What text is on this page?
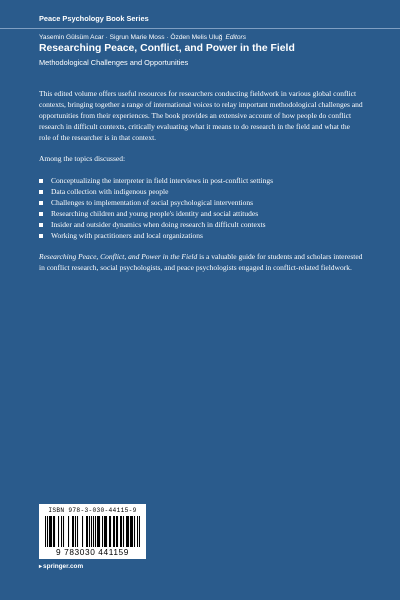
Peace Psychology Book Series
Yasemin Gülsüm Acar · Sigrun Marie Moss · Özden Melis Uluğ Editors
Researching Peace, Conflict, and Power in the Field
Methodological Challenges and Opportunities

This edited volume offers useful resources for researchers conducting fieldwork in various global conflict contexts, bringing together a range of international voices to relay important methodological challenges and opportunities from their experiences. The book provides an extensive account of how people do conflict research in difficult contexts, critically evaluating what it means to do research in the field and what the role of the researcher is in that context.

Among the topics discussed:

Conceptualizing the interpreter in field interviews in post-conflict settings
Data collection with indigenous people
Challenges to implementation of social psychological interventions
Researching children and young people's identity and social attitudes
Insider and outsider dynamics when doing research in difficult contexts
Working with practitioners and local organizations

Researching Peace, Conflict, and Power in the Field is a valuable guide for students and scholars interested in conflict research, social psychologists, and peace psychologists engaged in conflict-related fieldwork.

ISBN 978-3-030-44115-9
9 783030 441159
▸springer.com
